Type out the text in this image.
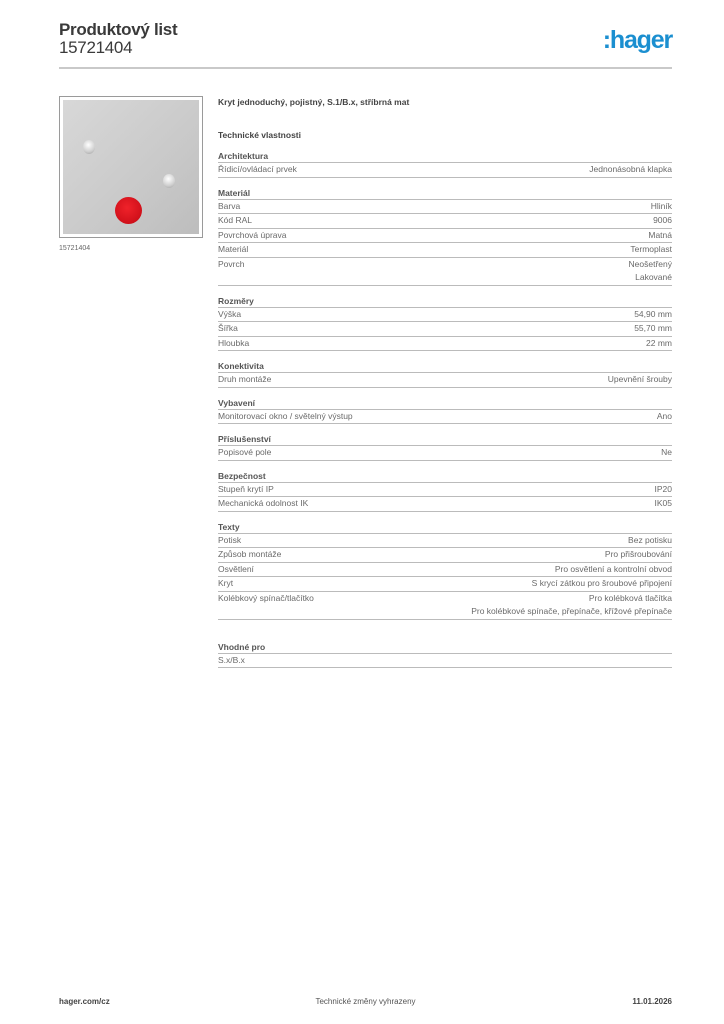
Produktový list
15721404	:hager
15721404
Kryt jednoduchý, pojistný, S.1/B.x, stříbrná mat
Technické vlastnosti
Architektura
Řídicí/ovládací prvek	Jednonásobná klapka
Materiál
Barva	Hliník
Kód RAL	9006
Povrchová úprava	Matná
Materiál	Termoplast
Povrch	Neošetřený
Lakované
Rozměry
Výška	54,90 mm
Šířka	55,70 mm
Hloubka	22 mm
Konektivita
Druh montáže	Upevnění šrouby
Vybavení
Monitorovací okno / světelný výstup	Ano
Příslušenství
Popisové pole	Ne
Bezpečnost
Stupeň krytí IP	IP20
Mechanická odolnost IK	IK05
Texty
Potisk	Bez potisku
Způsob montáže	Pro přišroubování
Osvětlení	Pro osvětlení a kontrolní obvod
Kryt	S krycí zátkou pro šroubové připojení
Kolébkový spínač/tlačítko	Pro kolébková tlačítka
Pro kolébkové spínače, přepínače, křížové přepínače
Vhodné pro
S.x/B.x
hager.com/cz	Technické změny vyhrazeny	11.01.2026
